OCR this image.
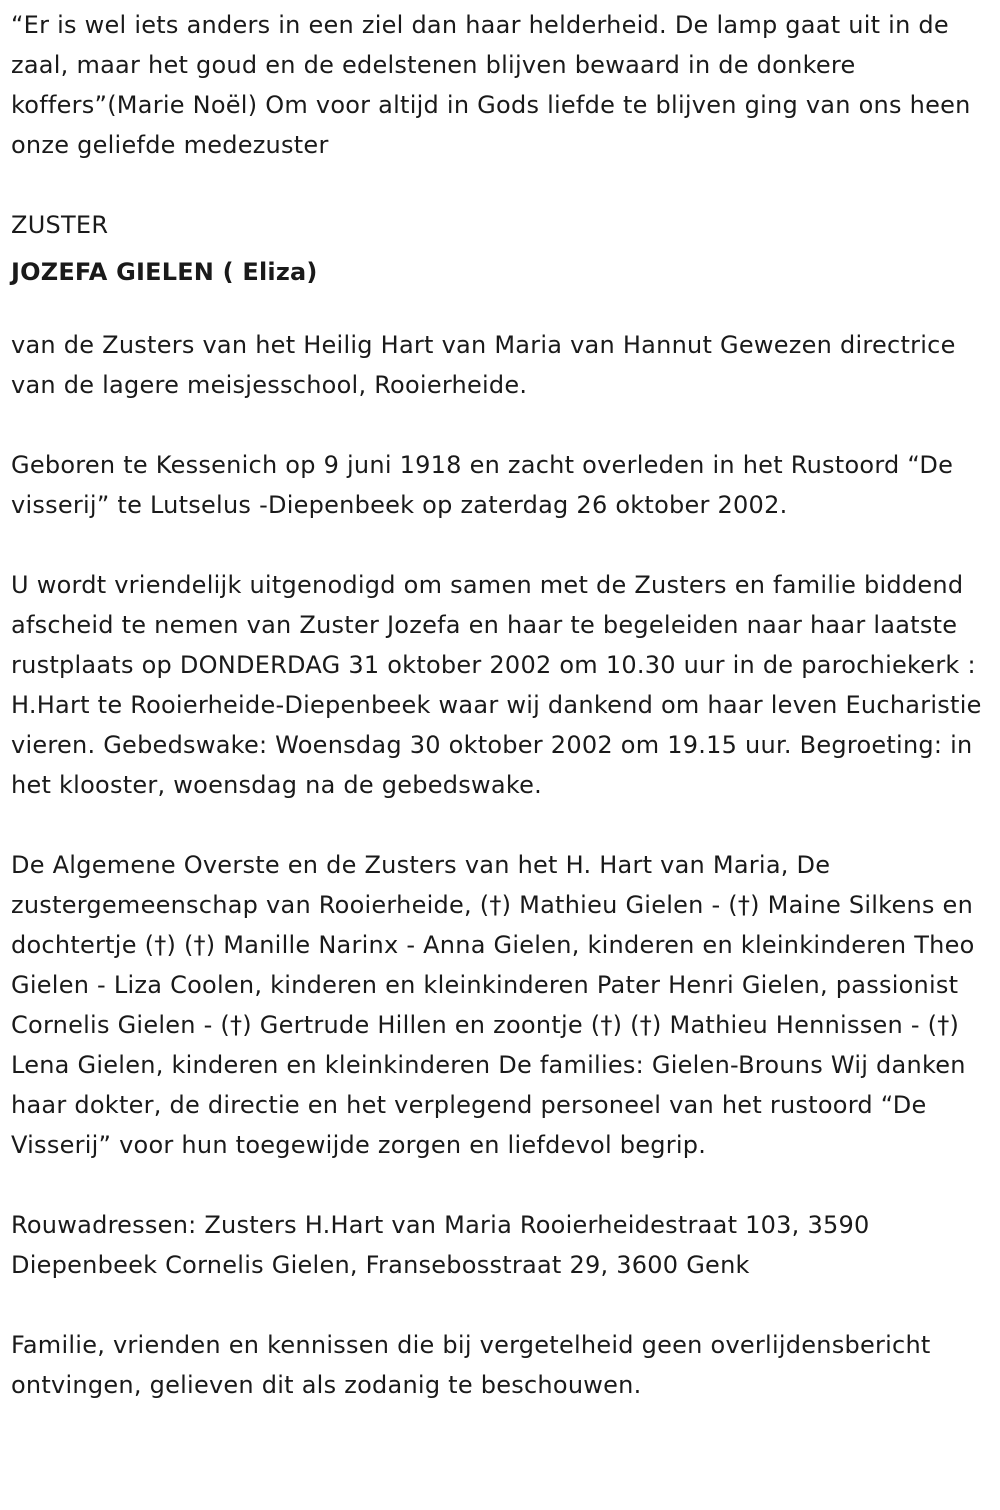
“Er is wel iets anders in een ziel dan haar helderheid. De lamp gaat uit in de zaal, maar het goud en de edelstenen blijven bewaard in de donkere koffers”(Marie Noël) Om voor altijd in Gods liefde te blijven ging van ons heen onze geliefde medezuster

ZUSTER

JOZEFA GIELEN ( Eliza)

van de Zusters van het Heilig Hart van Maria van Hannut Gewezen directrice van de lagere meisjesschool, Rooierheide.

Geboren te Kessenich op 9 juni 1918 en zacht overleden in het Rustoord “De visserij” te Lutselus -Diepenbeek op zaterdag 26 oktober 2002.

U wordt vriendelijk uitgenodigd om samen met de Zusters en familie biddend afscheid te nemen van Zuster Jozefa en haar te begeleiden naar haar laatste rustplaats op DONDERDAG 31 oktober 2002 om 10.30 uur in de parochiekerk : H.Hart te Rooierheide-Diepenbeek waar wij dankend om haar leven Eucharistie vieren. Gebedswake: Woensdag 30 oktober 2002 om 19.15 uur. Begroeting: in het klooster, woensdag na de gebedswake.

De Algemene Overste en de Zusters van het H. Hart van Maria, De zustergemeenschap van Rooierheide, (†) Mathieu Gielen - (†) Maine Silkens en dochtertje (†) (†) Manille Narinx - Anna Gielen, kinderen en kleinkinderen Theo Gielen - Liza Coolen, kinderen en kleinkinderen Pater Henri Gielen, passionist Cornelis Gielen - (†) Gertrude Hillen en zoontje (†) (†) Mathieu Hennissen - (†) Lena Gielen, kinderen en kleinkinderen De families: Gielen-Brouns Wij danken haar dokter, de directie en het verplegend personeel van het rustoord “De Visserij” voor hun toegewijde zorgen en liefdevol begrip.

Rouwadressen: Zusters H.Hart van Maria Rooierheidestraat 103, 3590 Diepenbeek Cornelis Gielen, Fransebosstraat 29, 3600 Genk

Familie, vrienden en kennissen die bij vergetelheid geen overlijdensbericht ontvingen, gelieven dit als zodanig te beschouwen.
